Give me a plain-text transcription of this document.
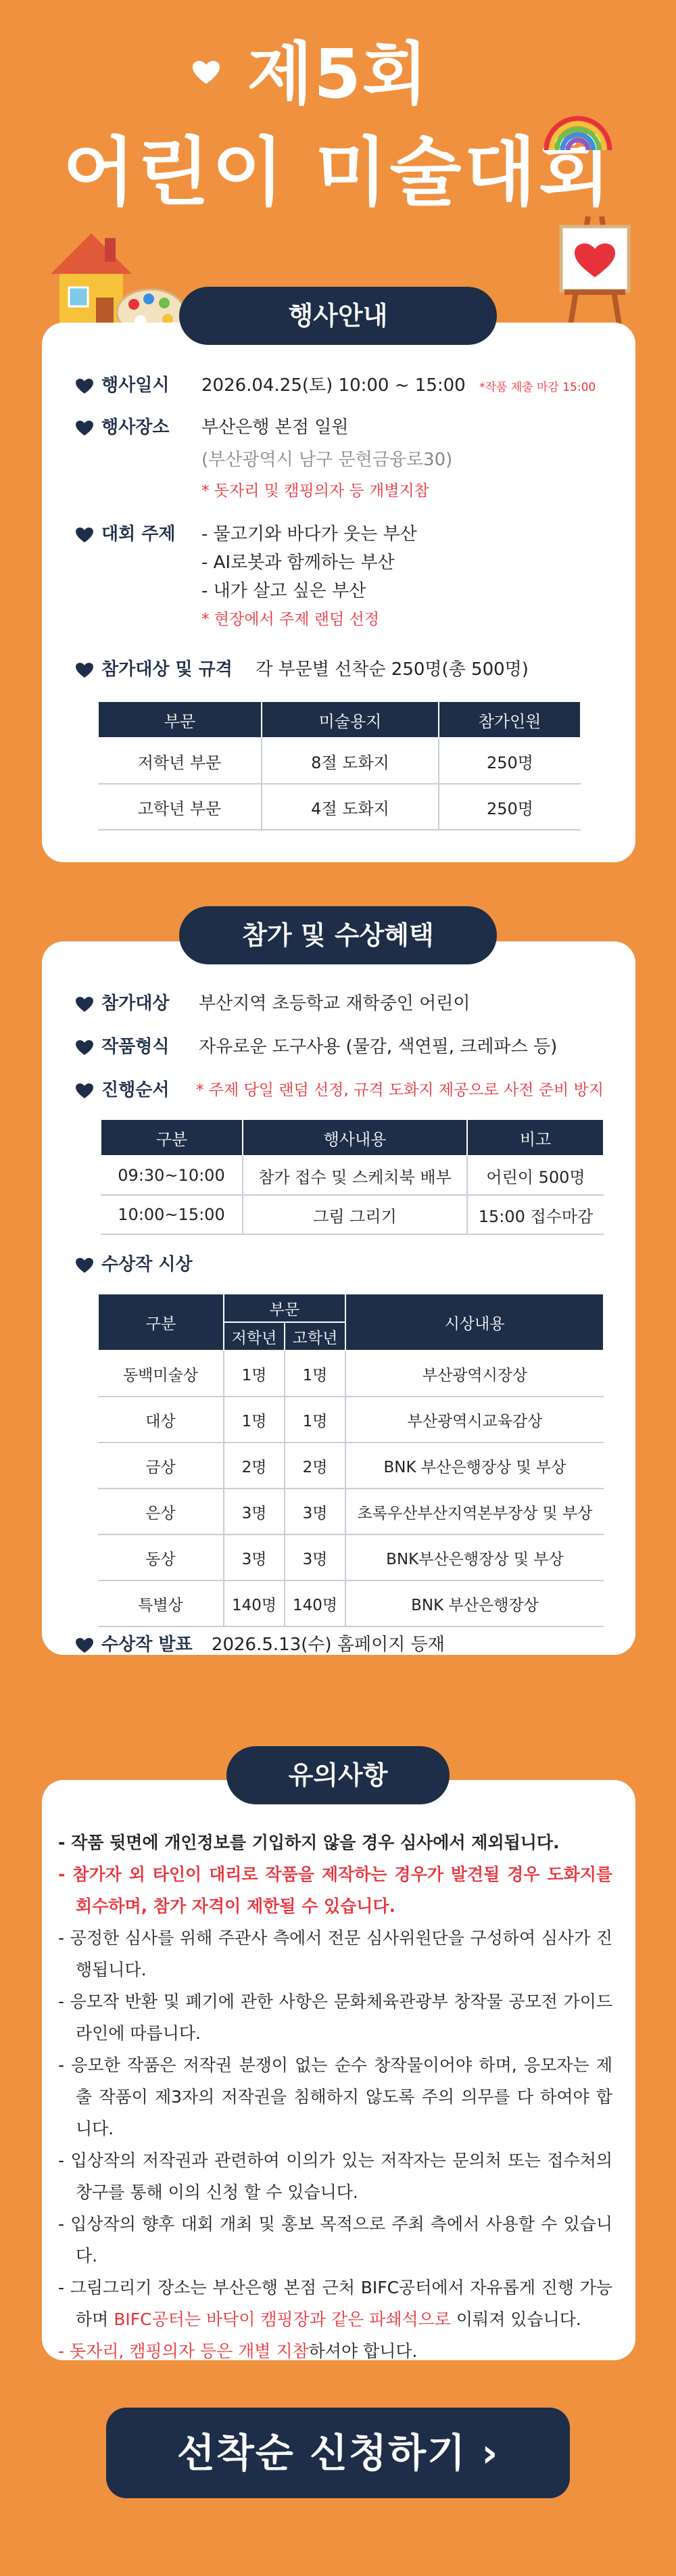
제5회
어린이 미술대회
행사안내
행사일시 2026.04.25(토) 10:00 ~ 15:00 *작품 제출 마감 15:00
행사장소 부산은행 본점 일원
(부산광역시 남구 문현금융로30)
* 돗자리 및 캠핑의자 등 개별지참
대회 주제 - 물고기와 바다가 웃는 부산
- AI로봇과 함께하는 부산
- 내가 살고 싶은 부산
* 현장에서 주제 랜덤 선정
참가대상 및 규격 각 부문별 선착순 250명(총 500명)
부문	미술용지	참가인원
저학년 부문	8절 도화지	250명
고학년 부문	4절 도화지	250명
참가 및 수상혜택
참가대상 부산지역 초등학교 재학중인 어린이
작품형식 자유로운 도구사용 (물감, 색연필, 크레파스 등)
진행순서 * 주제 당일 랜덤 선정, 규격 도화지 제공으로 사전 준비 방지
구분	행사내용	비고
09:30~10:00	참가 접수 및 스케치북 배부	어린이 500명
10:00~15:00	그림 그리기	15:00 접수마감
수상작 시상
구분	부문		시상내용
	저학년	고학년	
동백미술상	1명	1명	부산광역시장상
대상	1명	1명	부산광역시교육감상
금상	2명	2명	BNK 부산은행장상 및 부상
은상	3명	3명	초록우산부산지역본부장상 및 부상
동상	3명	3명	BNK부산은행장상 및 부상
특별상	140명	140명	BNK 부산은행장상
수상작 발표 2026.5.13(수) 홈페이지 등재
유의사항
- 작품 뒷면에 개인정보를 기입하지 않을 경우 심사에서 제외됩니다.
- 참가자 외 타인이 대리로 작품을 제작하는 경우가 발견될 경우 도화지를 회수하며, 참가 자격이 제한될 수 있습니다.
- 공정한 심사를 위해 주관사 측에서 전문 심사위원단을 구성하여 심사가 진행됩니다.
- 응모작 반환 및 폐기에 관한 사항은 문화체육관광부 창작물 공모전 가이드라인에 따릅니다.
- 응모한 작품은 저작권 분쟁이 없는 순수 창작물이어야 하며, 응모자는 제출 작품이 제3자의 저작권을 침해하지 않도록 주의 의무를 다 하여야 합니다.
- 입상작의 저작권과 관련하여 이의가 있는 저작자는 문의처 또는 접수처의 창구를 통해 이의 신청 할 수 있습니다.
- 입상작의 향후 대회 개최 및 홍보 목적으로 주최 측에서 사용할 수 있습니다.
- 그림그리기 장소는 부산은행 본점 근처 BIFC공터에서 자유롭게 진행 가능하며 BIFC공터는 바닥이 캠핑장과 같은 파쇄석으로 이뤄져 있습니다.
- 돗자리, 캠핑의자 등은 개별 지참하셔야 합니다.
선착순 신청하기 ›
